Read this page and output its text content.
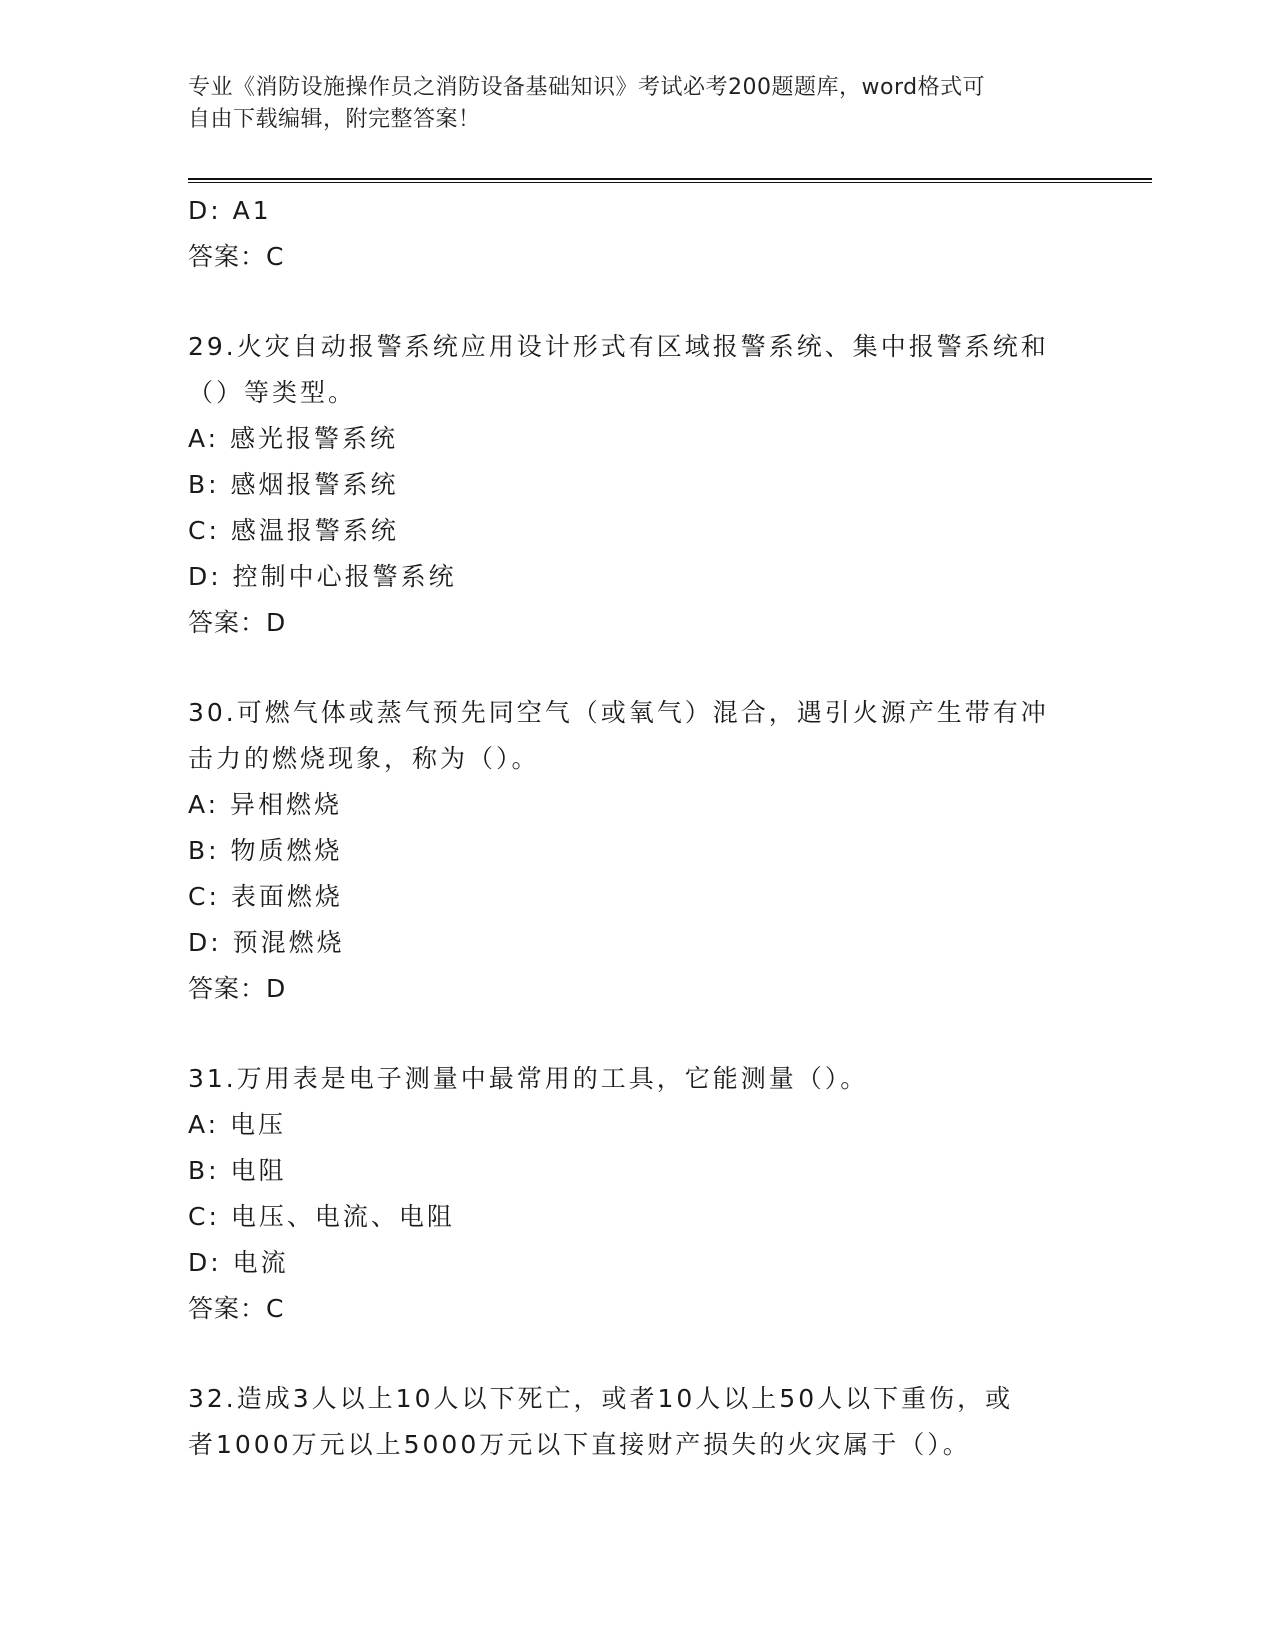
专业《消防设施操作员之消防设备基础知识》考试必考200题题库，word格式可
自由下载编辑，附完整答案！
D: A1
答案：C
29.火灾自动报警系统应用设计形式有区域报警系统、集中报警系统和
（）等类型。
A: 感光报警系统
B: 感烟报警系统
C: 感温报警系统
D: 控制中心报警系统
答案：D
30.可燃气体或蒸气预先同空气（或氧气）混合，遇引火源产生带有冲
击力的燃烧现象，称为（）。
A: 异相燃烧
B: 物质燃烧
C: 表面燃烧
D: 预混燃烧
答案：D
31.万用表是电子测量中最常用的工具，它能测量（）。
A: 电压
B: 电阻
C: 电压、电流、电阻
D: 电流
答案：C
32.造成3人以上10人以下死亡，或者10人以上50人以下重伤，或
者1000万元以上5000万元以下直接财产损失的火灾属于（）。
